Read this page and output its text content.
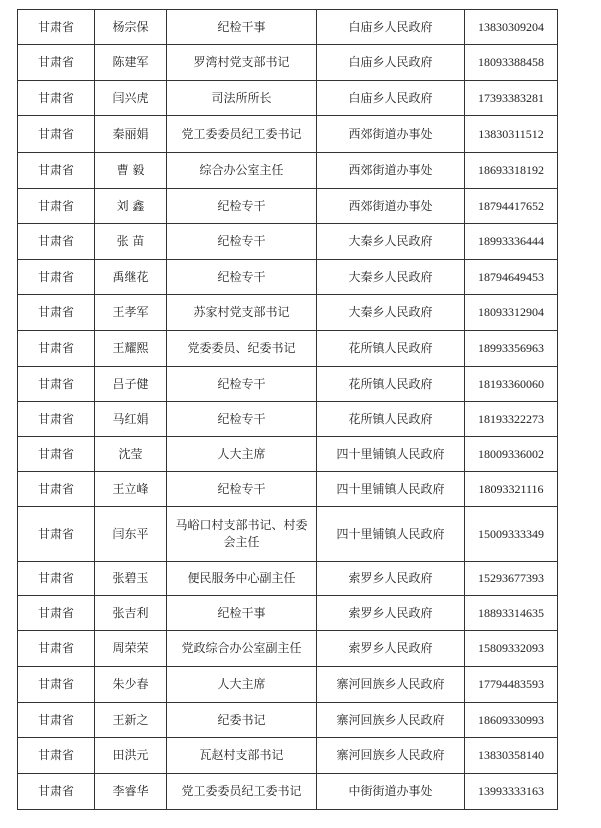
甘肃省	杨宗保	纪检干事	白庙乡人民政府	13830309204
甘肃省	陈建军	罗湾村党支部书记	白庙乡人民政府	18093388458
甘肃省	闫兴虎	司法所所长	白庙乡人民政府	17393383281
甘肃省	秦丽娟	党工委委员纪工委书记	西郊街道办事处	13830311512
甘肃省	曹 毅	综合办公室主任	西郊街道办事处	18693318192
甘肃省	刘 鑫	纪检专干	西郊街道办事处	18794417652
甘肃省	张 苗	纪检专干	大秦乡人民政府	18993336444
甘肃省	禹继花	纪检专干	大秦乡人民政府	18794649453
甘肃省	王孝军	苏家村党支部书记	大秦乡人民政府	18093312904
甘肃省	王耀熙	党委委员、纪委书记	花所镇人民政府	18993356963
甘肃省	吕子健	纪检专干	花所镇人民政府	18193360060
甘肃省	马红娟	纪检专干	花所镇人民政府	18193322273
甘肃省	沈莹	人大主席	四十里铺镇人民政府	18009336002
甘肃省	王立峰	纪检专干	四十里铺镇人民政府	18093321116
甘肃省	闫东平	马峪口村支部书记、村委会主任	四十里铺镇人民政府	15009333349
甘肃省	张碧玉	便民服务中心副主任	索罗乡人民政府	15293677393
甘肃省	张吉利	纪检干事	索罗乡人民政府	18893314635
甘肃省	周荣荣	党政综合办公室副主任	索罗乡人民政府	15809332093
甘肃省	朱少春	人大主席	寨河回族乡人民政府	17794483593
甘肃省	王新之	纪委书记	寨河回族乡人民政府	18609330993
甘肃省	田洪元	瓦赵村支部书记	寨河回族乡人民政府	13830358140
甘肃省	李睿华	党工委委员纪工委书记	中街街道办事处	13993333163
